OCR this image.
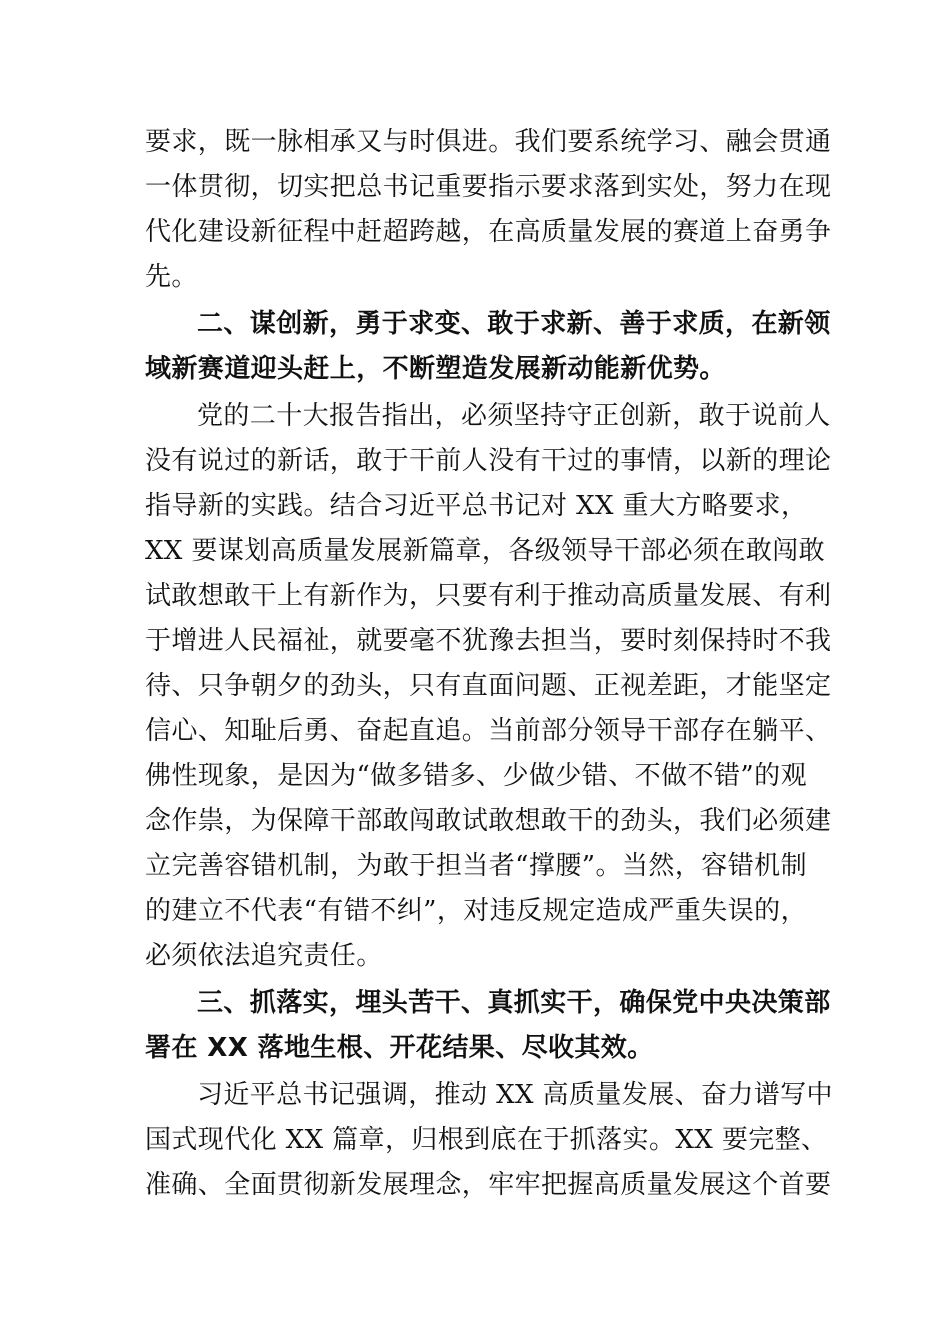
要求，既一脉相承又与时俱进。我们要系统学习、融会贯通
一体贯彻，切实把总书记重要指示要求落到实处，努力在现
代化建设新征程中赶超跨越，在高质量发展的赛道上奋勇争
先。
二、谋创新，勇于求变、敢于求新、善于求质，在新领
域新赛道迎头赶上，不断塑造发展新动能新优势。
党的二十大报告指出，必须坚持守正创新，敢于说前人
没有说过的新话，敢于干前人没有干过的事情，以新的理论
指导新的实践。结合习近平总书记对 XX 重大方略要求，
XX 要谋划高质量发展新篇章，各级领导干部必须在敢闯敢
试敢想敢干上有新作为，只要有利于推动高质量发展、有利
于增进人民福祉，就要毫不犹豫去担当，要时刻保持时不我
待、只争朝夕的劲头，只有直面问题、正视差距，才能坚定
信心、知耻后勇、奋起直追。当前部分领导干部存在躺平、
佛性现象，是因为“做多错多、少做少错、不做不错”的观
念作祟，为保障干部敢闯敢试敢想敢干的劲头，我们必须建
立完善容错机制，为敢于担当者“撑腰”。当然，容错机制
的建立不代表“有错不纠”，对违反规定造成严重失误的，
必须依法追究责任。
三、抓落实，埋头苦干、真抓实干，确保党中央决策部
署在 XX 落地生根、开花结果、尽收其效。
习近平总书记强调，推动 XX 高质量发展、奋力谱写中
国式现代化 XX 篇章，归根到底在于抓落实。XX 要完整、
准确、全面贯彻新发展理念，牢牢把握高质量发展这个首要
